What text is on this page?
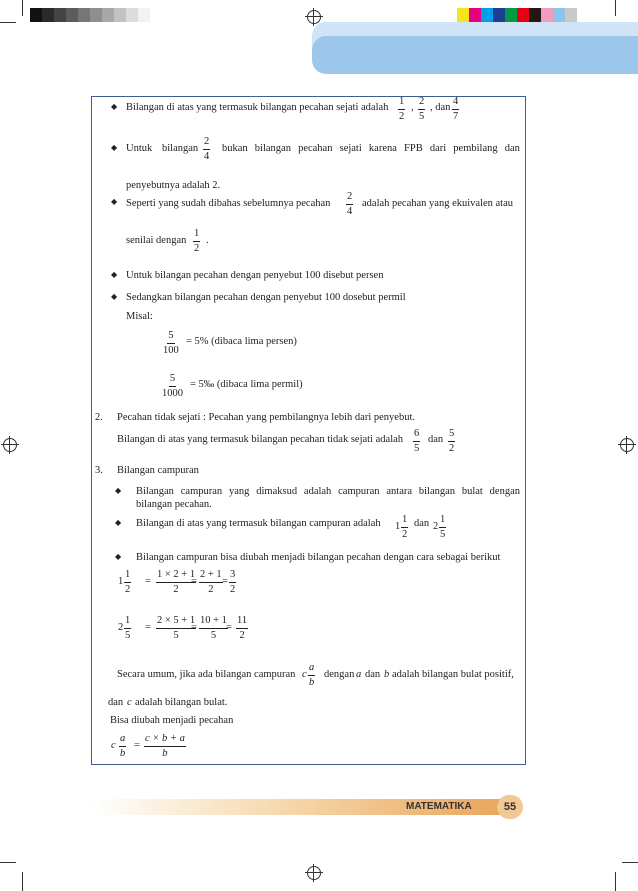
◆ Bilangan di atas yang termasuk bilangan pecahan sejati adalah $\frac{1}{2}$ , $\frac{2}{5}$ , dan $\frac{4}{7}$
◆ Untuk bilangan $\frac{2}{4}$ bukan bilangan pecahan sejati karena FPB dari pembilang dan
penyebutnya adalah 2.
◆ Seperti yang sudah dibahas sebelumnya pecahan $\frac{2}{4}$ adalah pecahan yang ekuivalen atau
senilai dengan $\frac{1}{2}$ .
◆ Untuk bilangan pecahan dengan penyebut 100 disebut persen
◆ Sedangkan bilangan pecahan dengan penyebut 100 dosebut permil
Misal:
$\frac{5}{100} = 5\%$ (dibaca lima persen)
$\frac{5}{1000}$ = 5‰ (dibaca lima permil)
2. Pecahan tidak sejati : Pecahan yang pembilangnya lebih dari penyebut.
Bilangan di atas yang termasuk bilangan pecahan tidak sejati adalah $\frac{6}{5}$ dan $\frac{5}{2}$
3. Bilangan campuran
◆ Bilangan campuran yang dimaksud adalah campuran antara bilangan bulat dengan
bilangan pecahan.
◆ Bilangan di atas yang termasuk bilangan campuran adalah $1 \frac{1}{2}$ dan $2 \frac{1}{5}$
◆ Bilangan campuran bisa diubah menjadi bilangan pecahan dengan cara sebagai berikut
$1 \frac{1}{2} = \frac{1 \times 2 + 1}{2}$
= $\frac{2 + 1}{2} = \frac{3}{2}$
$2 \frac{1}{5} = \frac{2 \times 5 + 1}{5}$
= $\frac{10 + 1}{5}$
= $\frac{11}{2}$
Secara umum, jika ada bilangan campuran c $\frac{a}{b}$ dengan a dan b adalah bilangan bulat positif,
dan c adalah bilangan bulat.
Bisa diubah menjadi pecahan
c $\frac{a}{b} = \frac{c \times b + a}{b}$
MATEMATIKA	55
